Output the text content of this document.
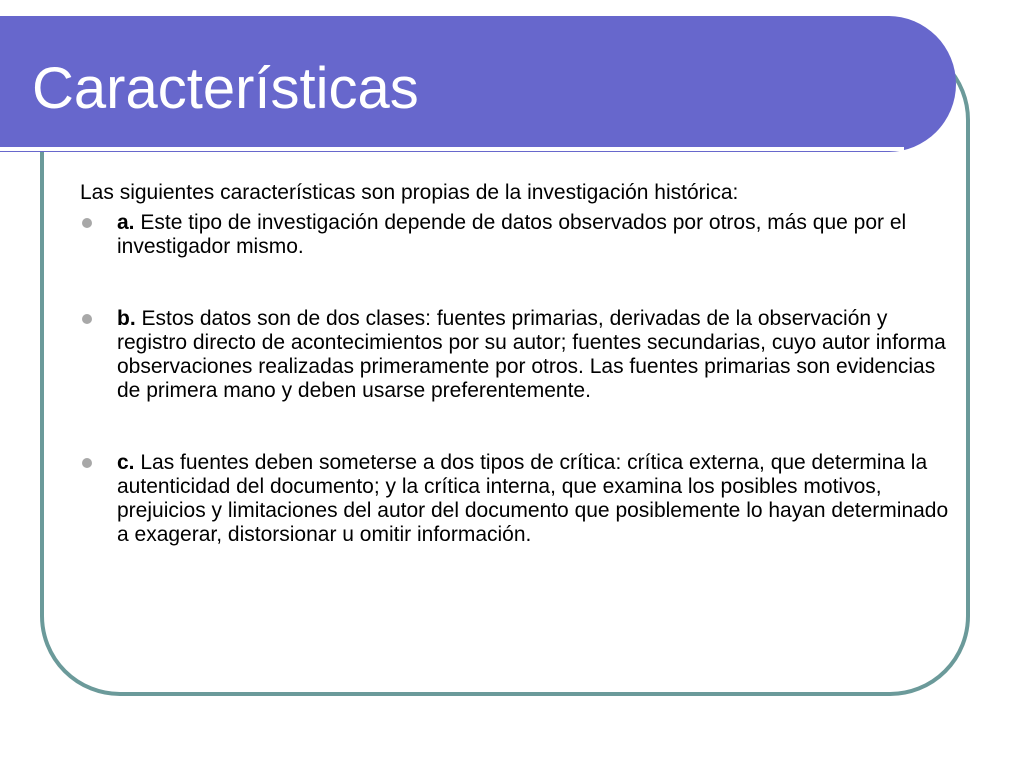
Características

Las siguientes características son propias de la investigación histórica:

a. Este tipo de investigación depende de datos observados por otros, más que por el investigador mismo.
b. Estos datos son de dos clases: fuentes primarias, derivadas de la observación y registro directo de acontecimientos por su autor; fuentes secundarias, cuyo autor informa observaciones realizadas primeramente por otros. Las fuentes primarias son evidencias de primera mano y deben usarse preferentemente.
c. Las fuentes deben someterse a dos tipos de crítica: crítica externa, que determina la autenticidad del documento; y la crítica interna, que examina los posibles motivos, prejuicios y limitaciones del autor del documento que posiblemente lo hayan determinado a exagerar, distorsionar u omitir información.
